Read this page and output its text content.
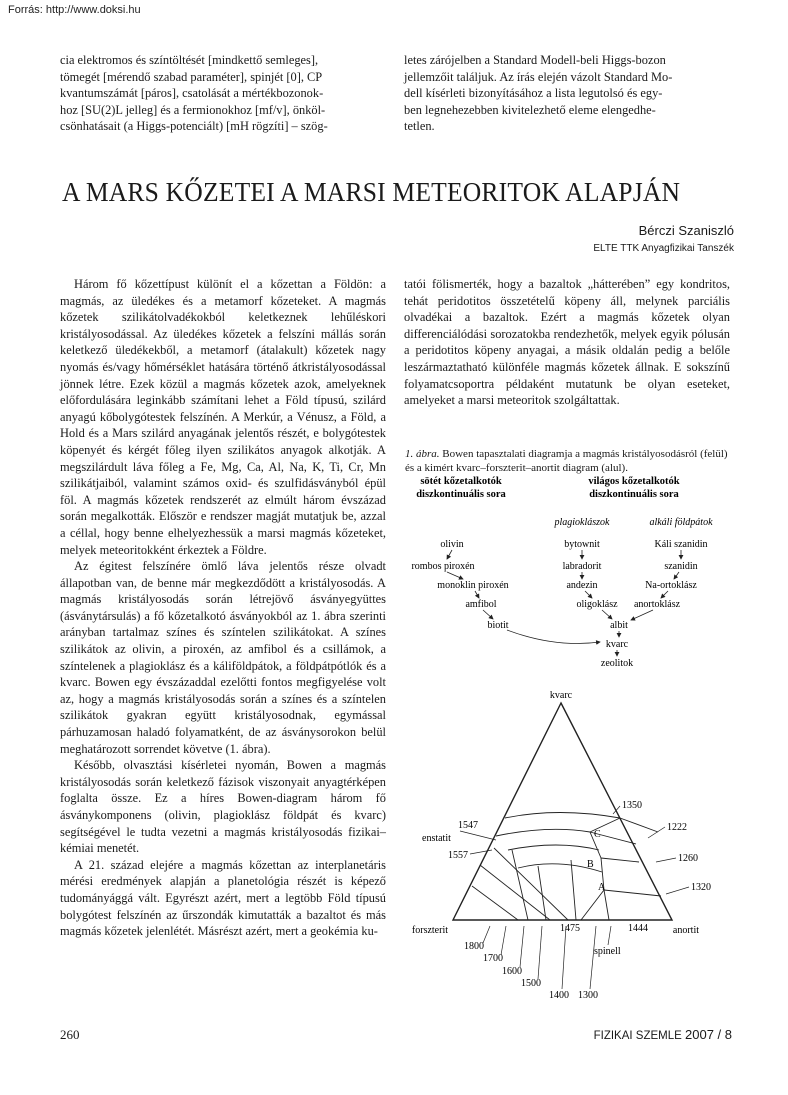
Forrás: http://www.doksi.hu
cia elektromos és színtöltését [mindkettő semleges],
tömegét [mérendő szabad paraméter], spinjét [0], CP
kvantumszámát [páros], csatolását a mértékbozonok-
hoz [SU(2)L jelleg] és a fermionokhoz [mf/v], önköl-
csönhatásait (a Higgs-potenciált) [mH rögzíti] – szög-
letes zárójelben a Standard Modell-beli Higgs-bozon
jellemzőit találjuk. Az írás elején vázolt Standard Mo-
dell kísérleti bizonyításához a lista legutolsó és egy-
ben legnehezebben kivitelezhető eleme elengedhe-
tetlen.
A MARS KŐZETEI A MARSI METEORITOK ALAPJÁN
Bérczi Szaniszló
ELTE TTK Anyagfizikai Tanszék

Három fő kőzettípust különít el a kőzettan a Földön: a magmás, az üledékes és a metamorf kőzeteket. A magmás kőzetek szilikátolvadékokból keletkeznek lehűléskori kristályosodással. Az üledékes kőzetek a felszíni mállás során keletkező üledékekből, a metamorf (átalakult) kőzetek nagy nyomás és/vagy hőmérséklet hatására történő átkristályosodással jönnek létre. Ezek közül a magmás kőzetek azok, amelyeknek előfordulására leginkább számítani lehet a Föld típusú, szilárd anyagú kőbolygótestek felszínén. A Merkúr, a Vénusz, a Föld, a Hold és a Mars szilárd anyagának jelentős részét, e bolygótestek köpenyét és kérgét főleg ilyen szilikátos anyagok alkotják. A megszilárdult láva főleg a Fe, Mg, Ca, Al, Na, K, Ti, Cr, Mn szilikátjaiból, valamint számos oxid- és szulfidásványból épül föl. A magmás kőzetek rendszerét az elmúlt három évszázad során megalkották. Először e rendszer magját mutatjuk be, azzal a céllal, hogy benne elhelyezhessük a marsi magmás kőzeteket, melyek meteoritokként érkeztek a Földre.

Az égitest felszínére ömlő láva jelentős része olvadt állapotban van, de benne már megkezdődött a kristályosodás. A magmás kristályosodás során létrejövő ásványegyüttes (ásványtársulás) a fő kőzetalkotó ásványokból az 1. ábra szerinti arányban tartalmaz színes és színtelen szilikátokat. A színes szilikátok az olivin, a piroxén, az amfibol és a csillámok, a színtelenek a plagioklász és a káliföldpátok, a földpátpótlók és a kvarc. Bowen egy évszázaddal ezelőtti fontos megfigyelése volt az, hogy a magmás kristályosodás során a színes és a színtelen szilikátok gyakran együtt kristályosodnak, egymással párhuzamosan haladó folyamatként, de az ásványsorokon belül meghatározott sorrendet követve (1. ábra).

Később, olvasztási kísérletei nyomán, Bowen a magmás kristályosodás során keletkező fázisok viszonyait anyagtérképen foglalta össze. Ez a híres Bowen-diagram három fő ásványkomponens (olivin, plagioklász földpát és kvarc) segítségével le tudta vezetni a magmás kristályosodás fizikai–kémiai menetét.

A 21. század elejére a magmás kőzettan az interplanetáris mérési eredmények alapján a planetológia részét is képező tudományággá vált. Egyrészt azért, mert a legtöbb Föld típusú bolygótest felszínén az űrszondák kimutatták a bazaltot és más magmás kőzetek jelenlétét. Másrészt azért, mert a geokémia ku-

tatói fölismerték, hogy a bazaltok „hátterében” egy kondritos, tehát peridotitos összetételű köpeny áll, melynek parciális olvadékai a bazaltok. Ezért a magmás kőzetek olyan differenciálódási sorozatokba rendezhetők, melyek egyik pólusán a peridotitos köpeny anyagai, a másik oldalán pedig a belőle leszármaztatható különféle magmás kőzetek állnak. E sokszínű folyamatcsoportra példaként mutatunk be olyan eseteket, amelyeket a marsi meteoritok szolgáltattak.

1. ábra. Bowen tapasztalati diagramja a magmás kristályosodásról (felül) és a kimért kvarc–forszterit–anortit diagram (alul).
sötét kőzetalkotók
diszkontinuális sora
világos kőzetalkotók
diszkontinuális sora
plagioklászok	alkáli földpátok
olivin
rombos piroxén
monoklin piroxén
amfibol
biotit
bytownit
labradorit
andezin
oligoklász
albit
Káli szanidin
szanidin
Na-ortoklász
anortoklász
kvarc
zeolitok
kvarc
forszterit	anortit
enstatit
spinell
A
B
C
1350
1222
1260
1320
1547
1557
1475	1444
1800
1700
1600
1500
1400 1300
260	FIZIKAI SZEMLE 2007 / 8
